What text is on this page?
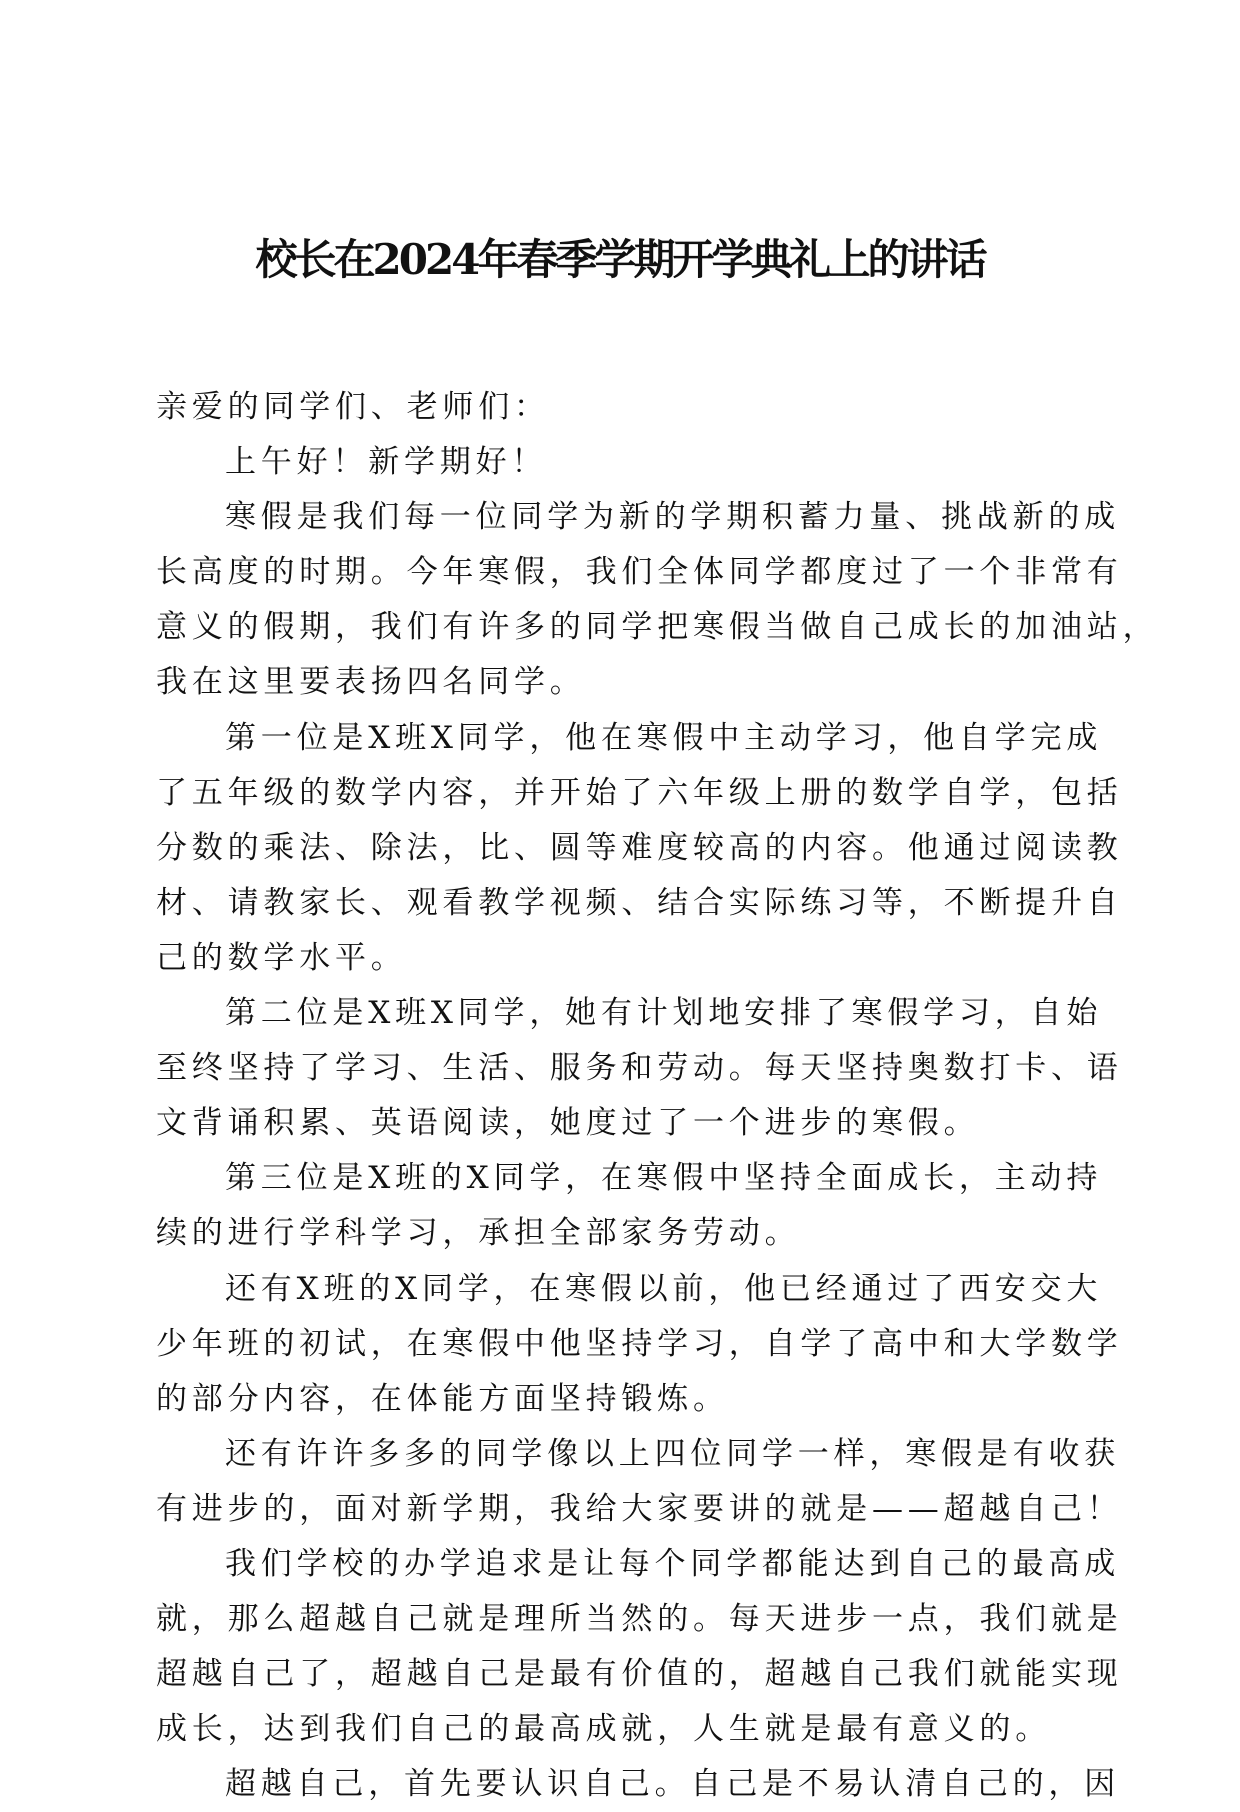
校长在2024年春季学期开学典礼上的讲话
亲爱的同学们、老师们：
上午好！新学期好！
寒假是我们每一位同学为新的学期积蓄力量、挑战新的成
长高度的时期。今年寒假，我们全体同学都度过了一个非常有
意义的假期，我们有许多的同学把寒假当做自己成长的加油站，
我在这里要表扬四名同学。
第一位是X班X同学，他在寒假中主动学习，他自学完成
了五年级的数学内容，并开始了六年级上册的数学自学，包括
分数的乘法、除法，比、圆等难度较高的内容。他通过阅读教
材、请教家长、观看教学视频、结合实际练习等，不断提升自
己的数学水平。
第二位是X班X同学，她有计划地安排了寒假学习，自始
至终坚持了学习、生活、服务和劳动。每天坚持奥数打卡、语
文背诵积累、英语阅读，她度过了一个进步的寒假。
第三位是X班的X同学，在寒假中坚持全面成长，主动持
续的进行学科学习，承担全部家务劳动。
还有X班的X同学，在寒假以前，他已经通过了西安交大
少年班的初试，在寒假中他坚持学习，自学了高中和大学数学
的部分内容，在体能方面坚持锻炼。
还有许许多多的同学像以上四位同学一样，寒假是有收获
有进步的，面对新学期，我给大家要讲的就是——超越自己！
我们学校的办学追求是让每个同学都能达到自己的最高成
就，那么超越自己就是理所当然的。每天进步一点，我们就是
超越自己了，超越自己是最有价值的，超越自己我们就能实现
成长，达到我们自己的最高成就，人生就是最有意义的。
超越自己，首先要认识自己。自己是不易认清自己的，因
